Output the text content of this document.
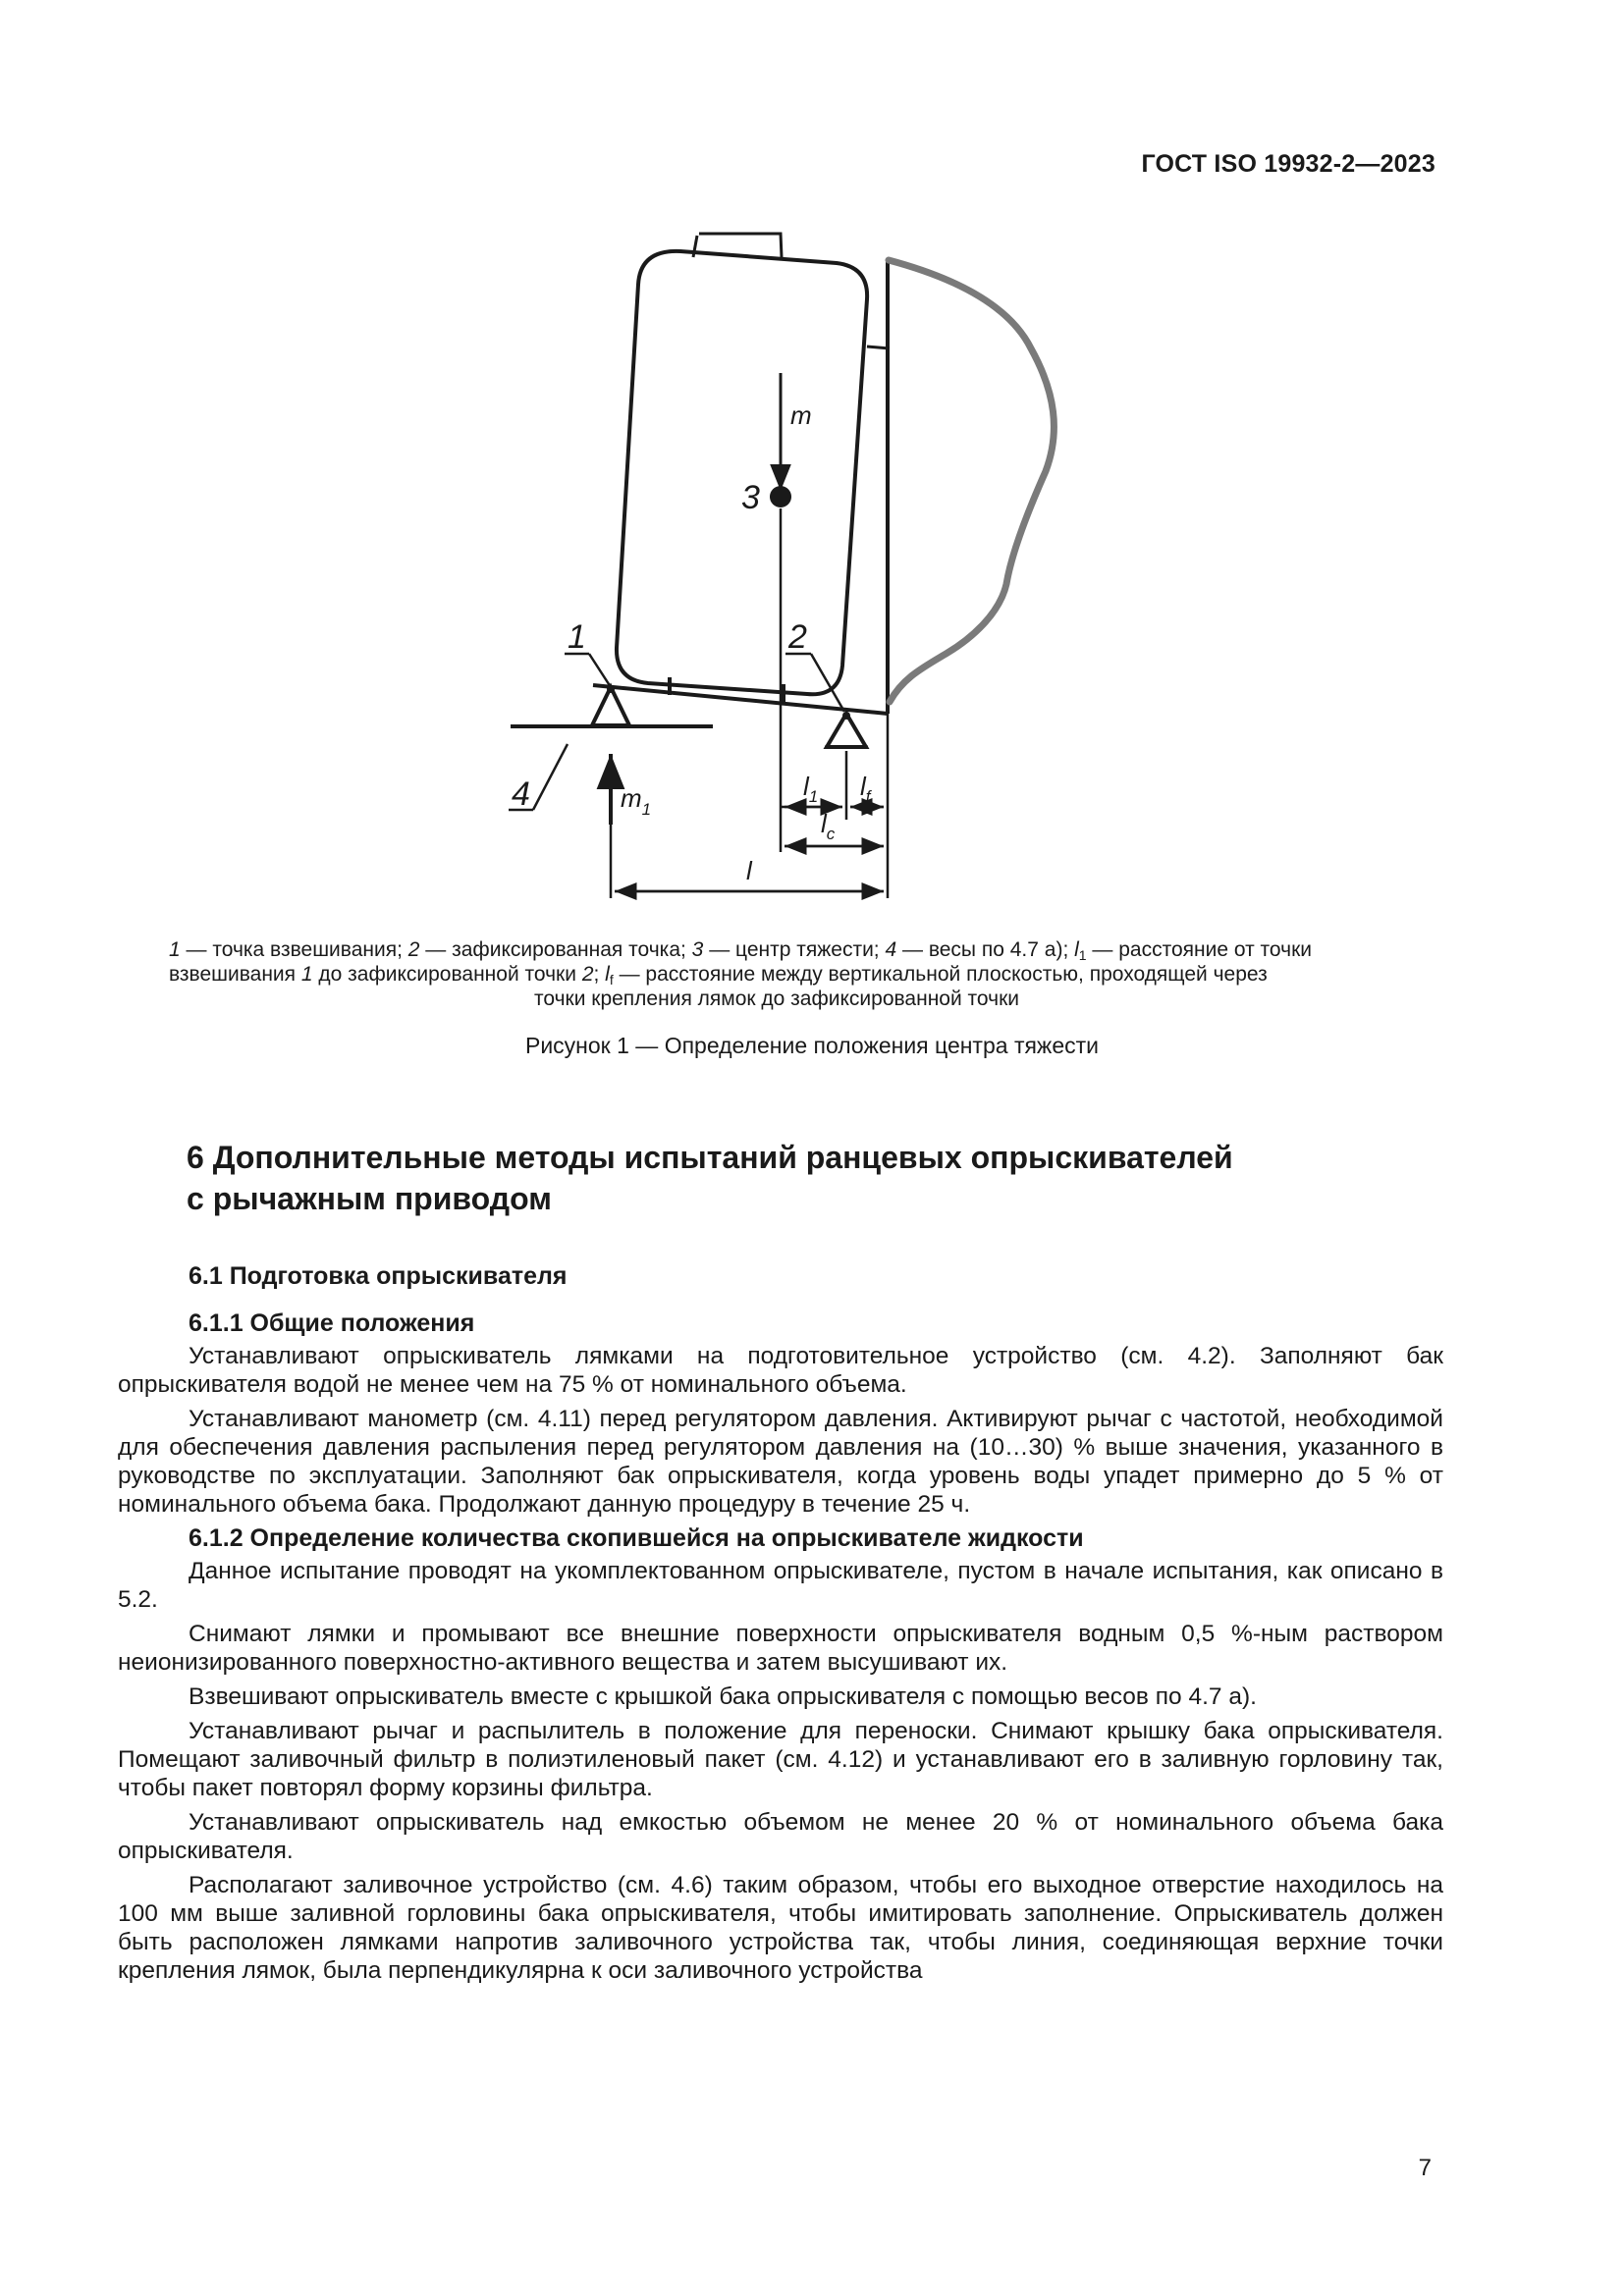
ГОСТ ISO 19932-2—2023
1	2
3
4
m
$m_1$
$l_1$ $l_f$
$l_c$
l
1 — точка взвешивания; 2 — зафиксированная точка; 3 — центр тяжести; 4 — весы по 4.7 а); $l_1$ — расстояние от точки
взвешивания 1 до зафиксированной точки 2; $l_f$ — расстояние между вертикальной плоскостью, проходящей через
точки крепления лямок до зафиксированной точки
Рисунок 1 — Определение положения центра тяжести
6 Дополнительные методы испытаний ранцевых опрыскивателей
с рычажным приводом
6.1 Подготовка опрыскивателя
6.1.1 Общие положения

Устанавливают опрыскиватель лямками на подготовительное устройство (см. 4.2). Заполняют бак опрыскивателя водой не менее чем на 75 % от номинального объема.

Устанавливают манометр (см. 4.11) перед регулятором давления. Активируют рычаг с частотой, необходимой для обеспечения давления распыления перед регулятором давления на (10…30) % выше значения, указанного в руководстве по эксплуатации. Заполняют бак опрыскивателя, когда уровень воды упадет примерно до 5 % от номинального объема бака. Продолжают данную процедуру в течение 25 ч.

6.1.2 Определение количества скопившейся на опрыскивателе жидкости

Данное испытание проводят на укомплектованном опрыскивателе, пустом в начале испытания, как описано в 5.2.

Снимают лямки и промывают все внешние поверхности опрыскивателя водным 0,5 %-ным раствором неионизированного поверхностно-активного вещества и затем высушивают их.

Взвешивают опрыскиватель вместе с крышкой бака опрыскивателя с помощью весов по 4.7 а).

Устанавливают рычаг и распылитель в положение для переноски. Снимают крышку бака опрыскивателя. Помещают заливочный фильтр в полиэтиленовый пакет (см. 4.12) и устанавливают его в заливную горловину так, чтобы пакет повторял форму корзины фильтра.

Устанавливают опрыскиватель над емкостью объемом не менее 20 % от номинального объема бака опрыскивателя.

Располагают заливочное устройство (см. 4.6) таким образом, чтобы его выходное отверстие находилось на 100 мм выше заливной горловины бака опрыскивателя, чтобы имитировать заполнение. Опрыскиватель должен быть расположен лямками напротив заливочного устройства так, чтобы линия, соединяющая верхние точки крепления лямок, была перпендикулярна к оси заливочного устройства

7
